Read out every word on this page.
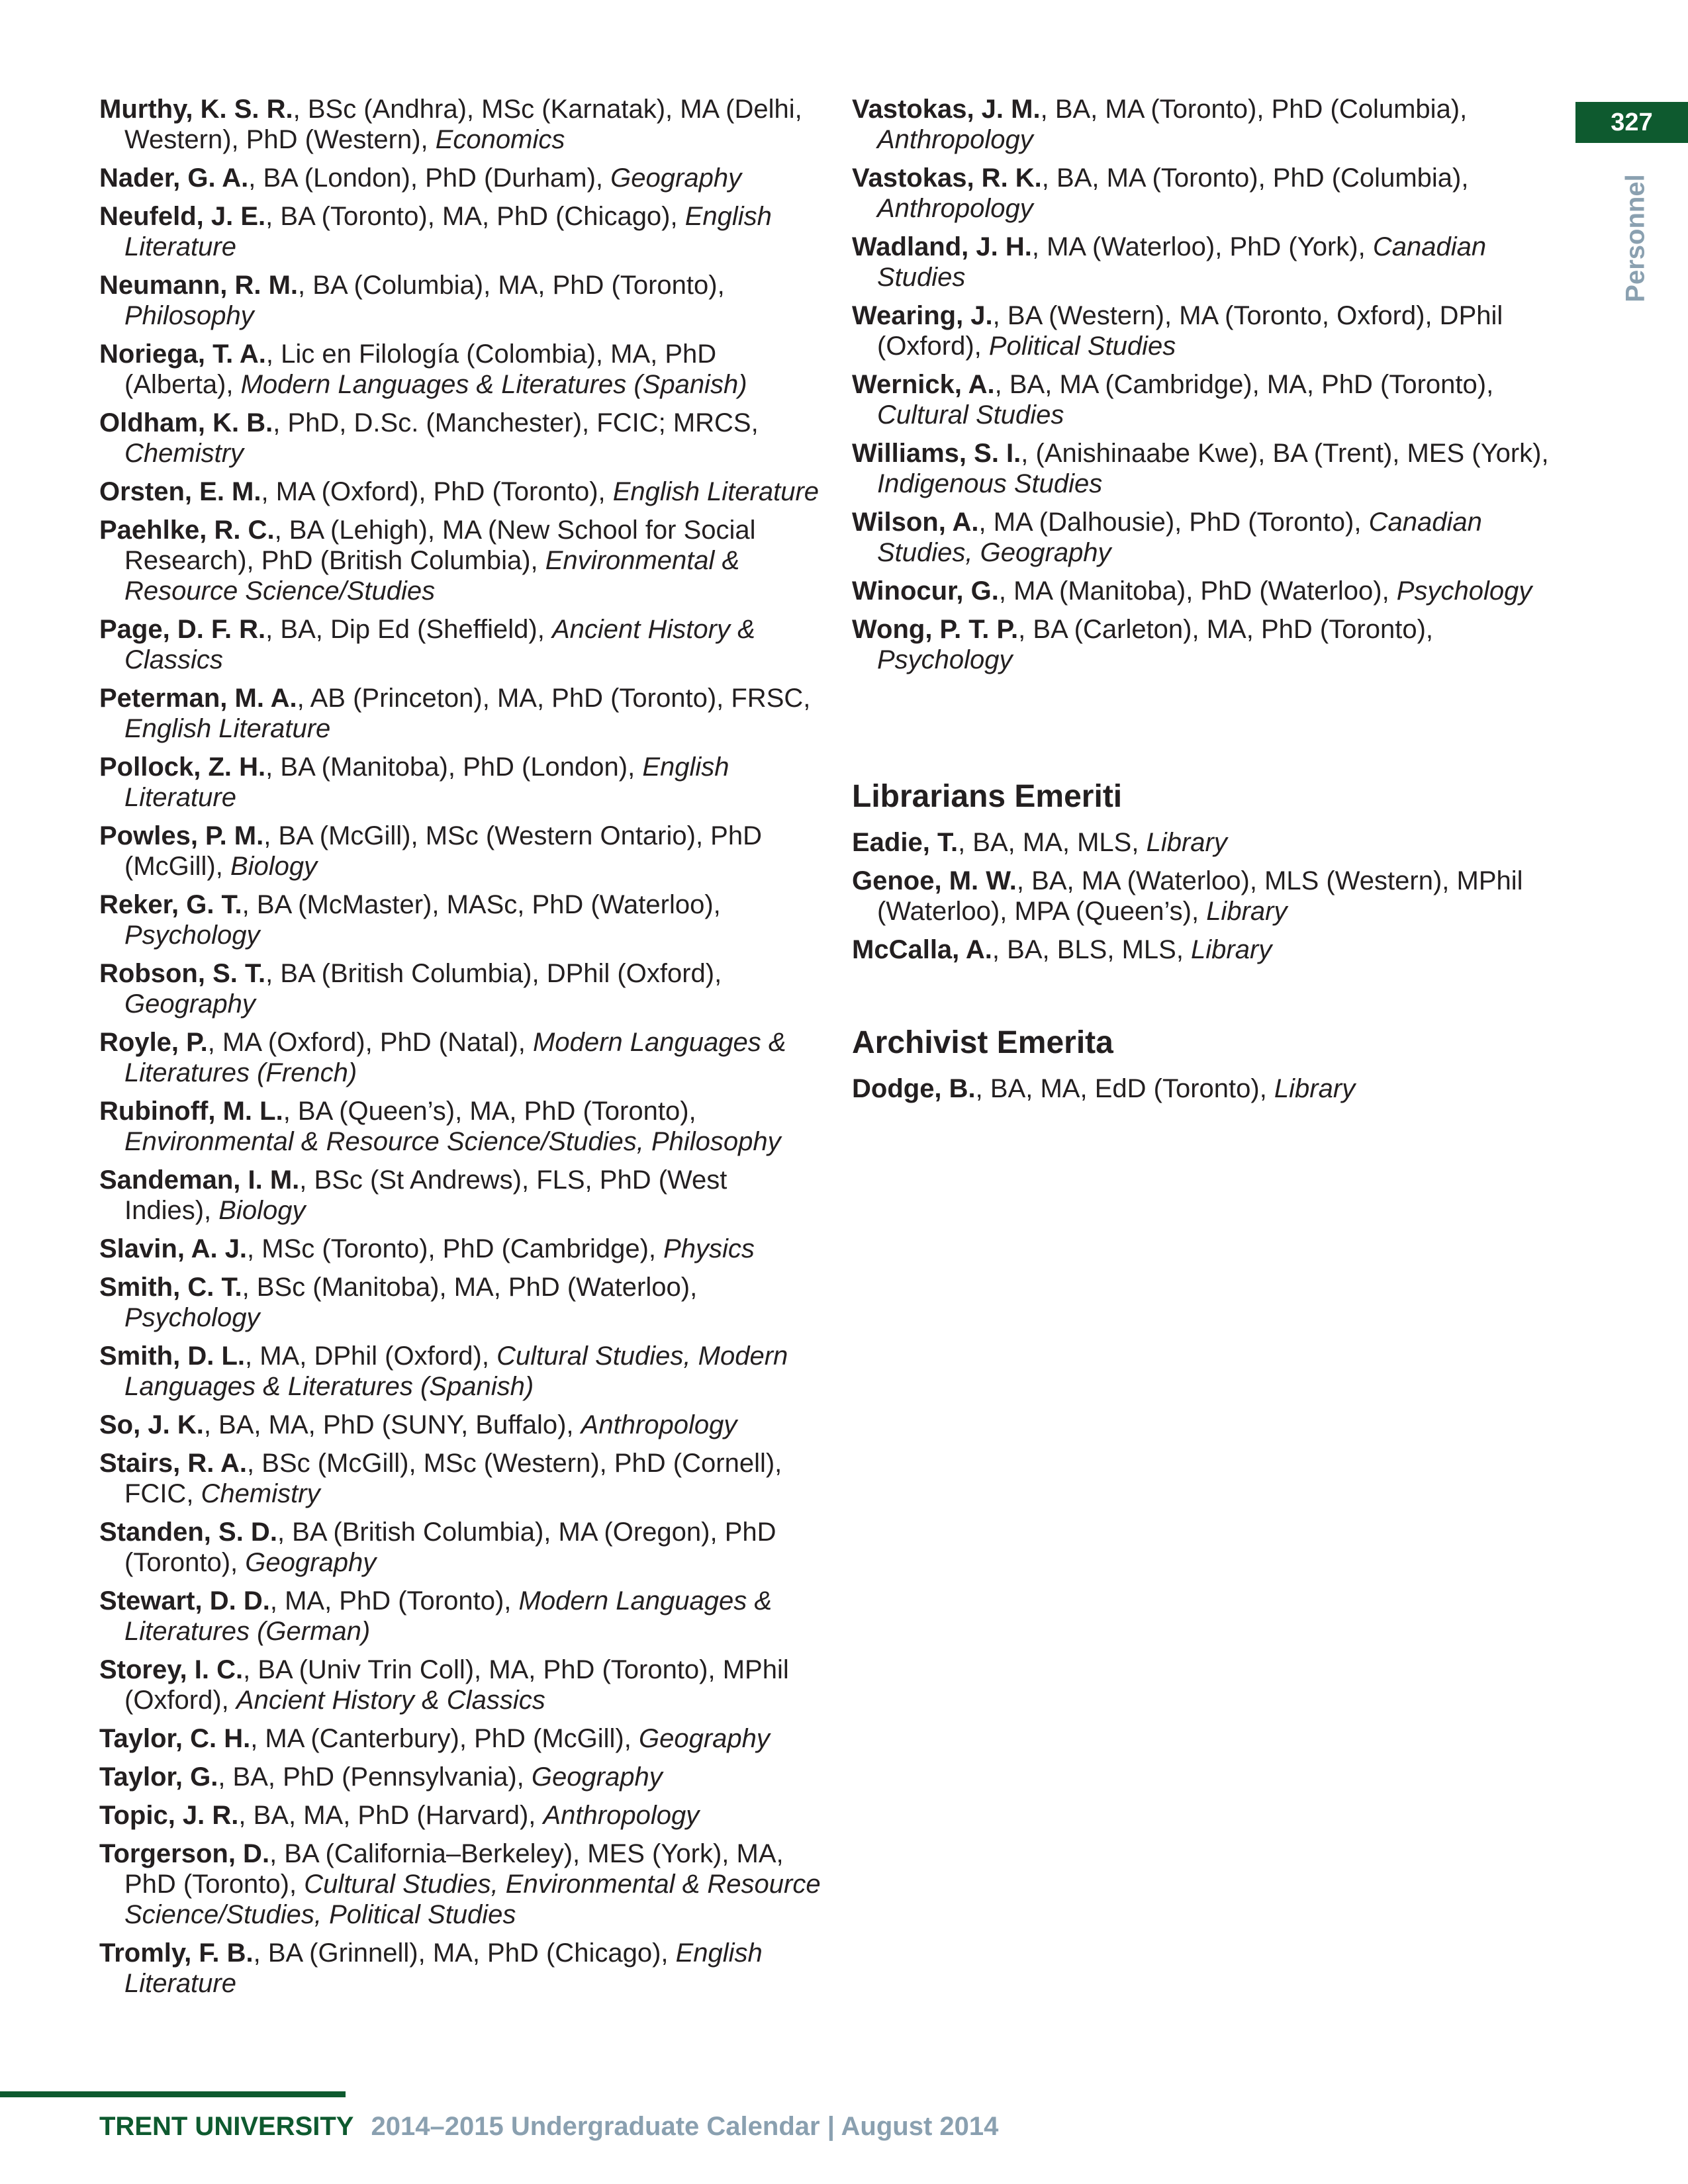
327
Personnel
Murthy, K. S. R., BSc (Andhra), MSc (Karnatak), MA (Delhi, Western), PhD (Western), Economics
Nader, G. A., BA (London), PhD (Durham), Geography
Neufeld, J. E., BA (Toronto), MA, PhD (Chicago), English Literature
Neumann, R. M., BA (Columbia), MA, PhD (Toronto), Philosophy
Noriega, T. A., Lic en Filología (Colombia), MA, PhD (Alberta), Modern Languages & Literatures (Spanish)
Oldham, K. B., PhD, D.Sc. (Manchester), FCIC; MRCS, Chemistry
Orsten, E. M., MA (Oxford), PhD (Toronto), English Literature
Paehlke, R. C., BA (Lehigh), MA (New School for Social Research), PhD (British Columbia), Environmental & Resource Science/Studies
Page, D. F. R., BA, Dip Ed (Sheffield), Ancient History & Classics
Peterman, M. A., AB (Princeton), MA, PhD (Toronto), FRSC, English Literature
Pollock, Z. H., BA (Manitoba), PhD (London), English Literature
Powles, P. M., BA (McGill), MSc (Western Ontario), PhD (McGill), Biology
Reker, G. T., BA (McMaster), MASc, PhD (Waterloo), Psychology
Robson, S. T., BA (British Columbia), DPhil (Oxford), Geography
Royle, P., MA (Oxford), PhD (Natal), Modern Languages & Literatures (French)
Rubinoff, M. L., BA (Queen’s), MA, PhD (Toronto), Environmental & Resource Science/Studies, Philosophy
Sandeman, I. M., BSc (St Andrews), FLS, PhD (West Indies), Biology
Slavin, A. J., MSc (Toronto), PhD (Cambridge), Physics
Smith, C. T., BSc (Manitoba), MA, PhD (Waterloo), Psychology
Smith, D. L., MA, DPhil (Oxford), Cultural Studies, Modern Languages & Literatures (Spanish)
So, J. K., BA, MA, PhD (SUNY, Buffalo), Anthropology
Stairs, R. A., BSc (McGill), MSc (Western), PhD (Cornell), FCIC, Chemistry
Standen, S. D., BA (British Columbia), MA (Oregon), PhD (Toronto), Geography
Stewart, D. D., MA, PhD (Toronto), Modern Languages & Literatures (German)
Storey, I. C., BA (Univ Trin Coll), MA, PhD (Toronto), MPhil (Oxford), Ancient History & Classics
Taylor, C. H., MA (Canterbury), PhD (McGill), Geography
Taylor, G., BA, PhD (Pennsylvania), Geography
Topic, J. R., BA, MA, PhD (Harvard), Anthropology
Torgerson, D., BA (California–Berkeley), MES (York), MA, PhD (Toronto), Cultural Studies, Environmental & Resource Science/Studies, Political Studies
Tromly, F. B., BA (Grinnell), MA, PhD (Chicago), English Literature
Vastokas, J. M., BA, MA (Toronto), PhD (Columbia), Anthropology
Vastokas, R. K., BA, MA (Toronto), PhD (Columbia), Anthropology
Wadland, J. H., MA (Waterloo), PhD (York), Canadian Studies
Wearing, J., BA (Western), MA (Toronto, Oxford), DPhil (Oxford), Political Studies
Wernick, A., BA, MA (Cambridge), MA, PhD (Toronto), Cultural Studies
Williams, S. I., (Anishinaabe Kwe), BA (Trent), MES (York), Indigenous Studies
Wilson, A., MA (Dalhousie), PhD (Toronto), Canadian Studies, Geography
Winocur, G., MA (Manitoba), PhD (Waterloo), Psychology
Wong, P. T. P., BA (Carleton), MA, PhD (Toronto), Psychology
Librarians Emeriti
Eadie, T., BA, MA, MLS, Library
Genoe, M. W., BA, MA (Waterloo), MLS (Western), MPhil (Waterloo), MPA (Queen’s), Library
McCalla, A., BA, BLS, MLS, Library
Archivist Emerita
Dodge, B., BA, MA, EdD (Toronto), Library
TRENT UNIVERSITY 2014–2015 Undergraduate Calendar | August 2014
